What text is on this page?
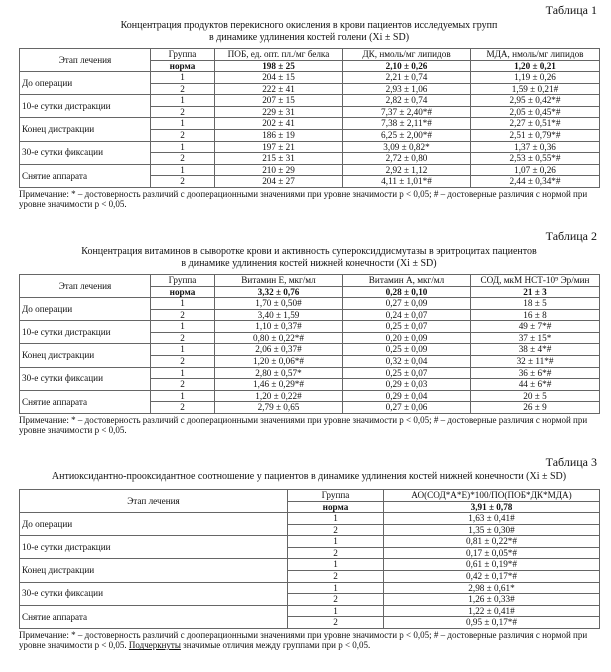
Таблица 1
Концентрация продуктов перекисного окисления в крови пациентов исследуемых групп
в динамике удлинения костей голени (Xi ± SD)
Этап лечения	Группа	ПОБ, ед. опт. пл./мг белка	ДК, нмоль/мг липидов	МДА, нмоль/мг липидов
	норма	198 ± 25	2,10 ± 0,26	1,20 ± 0,21
До операции	1	204 ± 15	2,21 ± 0,74	1,19 ± 0,26
	2	222 ± 41	2,93 ± 1,06	1,59 ± 0,21#
10-е сутки дистракции	1	207 ± 15	2,82 ± 0,74	2,95 ± 0,42*#
	2	229 ± 31	7,37 ± 2,40*#	2,05 ± 0,45*#
Конец дистракции	1	202 ± 41	7,38 ± 2,11*#	2,27 ± 0,51*#
	2	186 ± 19	6,25 ± 2,00*#	2,51 ± 0,79*#
30-е сутки фиксации	1	197 ± 21	3,09 ± 0,82*	1,37 ± 0,36
	2	215 ± 31	2,72 ± 0,80	2,53 ± 0,55*#
Снятие аппарата	1	210 ± 29	2,92 ± 1,12	1,07 ± 0,26
	2	204 ± 27	4,11 ± 1,01*#	2,44 ± 0,34*#
Примечание: * – достоверность различий с дооперационными значениями при уровне значимости p < 0,05; # – достоверные различия с нормой при уровне значимости p < 0,05.
Таблица 2
Концентрация витаминов в сыворотке крови и активность супероксиддисмутазы в эритроцитах пациентов
в динамике удлинения костей нижней конечности (Xi ± SD)
Этап лечения	Группа	Витамин E, мкг/мл	Витамин A, мкг/мл	СОД, мкМ НСТ-10⁹ Эр/мин
	норма	3,32 ± 0,76	0,28 ± 0,10	21 ± 3
До операции	1	1,70 ± 0,50#	0,27 ± 0,09	18 ± 5
	2	3,40 ± 1,59	0,24 ± 0,07	16 ± 8
10-е сутки дистракции	1	1,10 ± 0,37#	0,25 ± 0,07	49 ± 7*#
	2	0,80 ± 0,22*#	0,20 ± 0,09	37 ± 15*
Конец дистракции	1	2,06 ± 0,37#	0,25 ± 0,09	38 ± 4*#
	2	1,20 ± 0,06*#	0,32 ± 0,04	32 ± 11*#
30-е сутки фиксации	1	2,80 ± 0,57*	0,25 ± 0,07	36 ± 6*#
	2	1,46 ± 0,29*#	0,29 ± 0,03	44 ± 6*#
Снятие аппарата	1	1,20 ± 0,22#	0,29 ± 0,04	20 ± 5
	2	2,79 ± 0,65	0,27 ± 0,06	26 ± 9
Примечание: * – достоверность различий с дооперационными значениями при уровне значимости p < 0,05; # – достоверные различия с нормой при уровне значимости p < 0,05.
Таблица 3
Антиоксидантно-прооксидантное соотношение у пациентов в динамике удлинения костей нижней конечности (Xi ± SD)
Этап лечения	Группа	АО(СОД*А*Е)*100/ПО(ПОБ*ДК*МДА)
	норма	3,91 ± 0,78
До операции	1	1,63 ± 0,41#
	2	1,35 ± 0,30#
10-е сутки дистракции	1	0,81 ± 0,22*#
	2	0,17 ± 0,05*#
Конец дистракции	1	0,61 ± 0,19*#
	2	0,42 ± 0,17*#
30-е сутки фиксации	1	2,98 ± 0,61*
	2	1,26 ± 0,33#
Снятие аппарата	1	1,22 ± 0,41#
	2	0,95 ± 0,17*#
Примечание: * – достоверность различий с дооперационными значениями при уровне значимости p < 0,05; # – достоверные различия с нормой при уровне значимости p < 0,05. Подчеркнуты значимые отличия между группами при p < 0,05.
